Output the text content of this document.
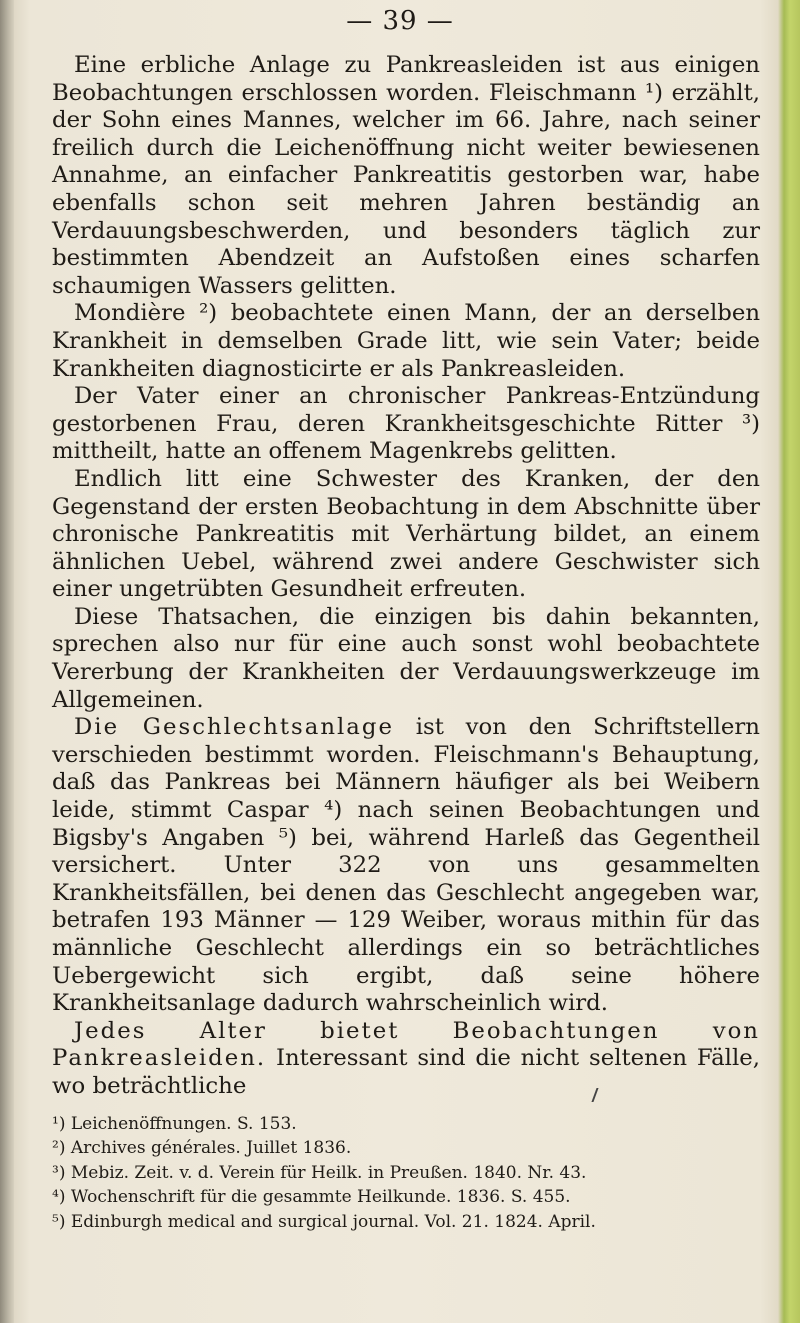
— 39 —

Eine erbliche Anlage zu Pankreasleiden ist aus einigen Beobachtungen erschlossen worden. Fleischmann ¹) erzählt, der Sohn eines Mannes, welcher im 66. Jahre, nach seiner freilich durch die Leichenöffnung nicht weiter bewiesenen Annahme, an einfacher Pankreatitis gestorben war, habe ebenfalls schon seit mehren Jahren beständig an Verdauungsbeschwerden, und besonders täglich zur bestimmten Abendzeit an Aufstoßen eines scharfen schaumigen Wassers gelitten.

Mondière ²) beobachtete einen Mann, der an derselben Krankheit in demselben Grade litt, wie sein Vater; beide Krankheiten diagnosticirte er als Pankreasleiden.

Der Vater einer an chronischer Pankreas-Entzündung gestorbenen Frau, deren Krankheitsgeschichte Ritter ³) mittheilt, hatte an offenem Magenkrebs gelitten.

Endlich litt eine Schwester des Kranken, der den Gegenstand der ersten Beobachtung in dem Abschnitte über chronische Pankreatitis mit Verhärtung bildet, an einem ähnlichen Uebel, während zwei andere Geschwister sich einer ungetrübten Gesundheit erfreuten.

Diese Thatsachen, die einzigen bis dahin bekannten, sprechen also nur für eine auch sonst wohl beobachtete Vererbung der Krankheiten der Verdauungswerkzeuge im Allgemeinen.

Die Geschlechtsanlage ist von den Schriftstellern verschieden bestimmt worden. Fleischmann's Behauptung, daß das Pankreas bei Männern häufiger als bei Weibern leide, stimmt Caspar ⁴) nach seinen Beobachtungen und Bigsby's Angaben ⁵) bei, während Harleß das Gegentheil versichert. Unter 322 von uns gesammelten Krankheitsfällen, bei denen das Geschlecht angegeben war, betrafen 193 Männer — 129 Weiber, woraus mithin für das männliche Geschlecht allerdings ein so beträchtliches Uebergewicht sich ergibt, daß seine höhere Krankheitsanlage dadurch wahrscheinlich wird.

Jedes Alter bietet Beobachtungen von Pankreasleiden. Interessant sind die nicht seltenen Fälle, wo beträchtliche

¹) Leichenöffnungen. S. 153.
²) Archives générales. Juillet 1836.
³) Mebiz. Zeit. v. d. Verein für Heilk. in Preußen. 1840. Nr. 43.
⁴) Wochenschrift für die gesammte Heilkunde. 1836. S. 455.
⁵) Edinburgh medical and surgical journal. Vol. 21. 1824. April.
